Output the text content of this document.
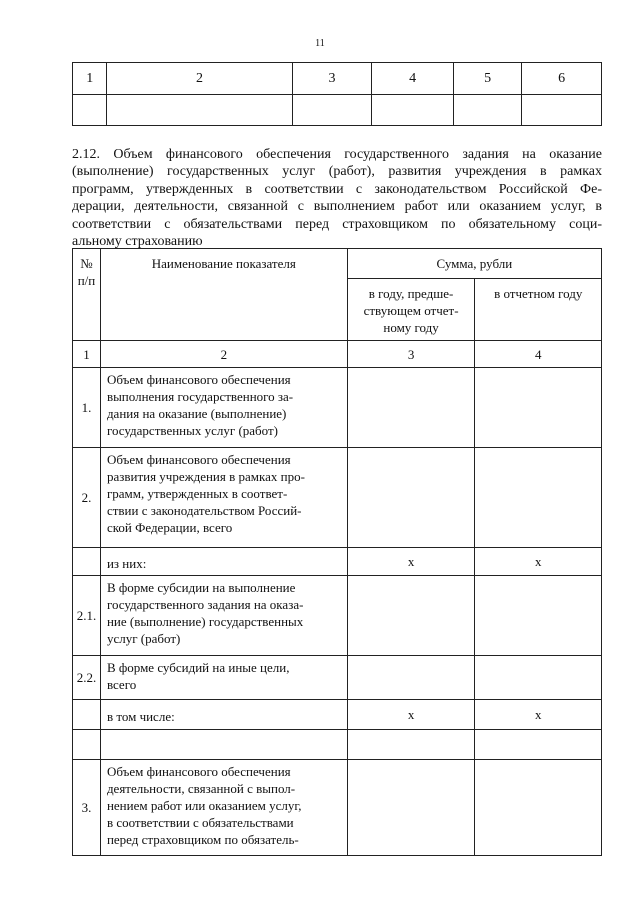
11
1	2	3	4	5	6

2.12. Объем финансового обеспечения государственного задания на оказание
(выполнение) государственных услуг (работ), развития учреждения в рамках
программ, утвержденных в соответствии с законодательством Российской Фе-
дерации, деятельности, связанной с выполнением работ или оказанием услуг, в
соответствии с обязательствами перед страховщиком по обязательному соци-
альному страхованию
№
п/п	Наименование показателя	Сумма, рубли	

		в году, предше-
ствующем отчет-
ному году	в отчетном году
1	2	3	4
1.	Объем финансового обеспечения
выполнения государственного за-
дания на оказание (выполнение)
государственных услуг (работ)		

2.	Объем финансового обеспечения
развития учреждения в рамках про-
грамм, утвержденных в соответ-
ствии с законодательством Россий-
ской Федерации, всего		

	из них:	x	x
2.1.	В форме субсидии на выполнение
государственного задания на оказа-
ние (выполнение) государственных
услуг (работ)		

2.2.	В форме субсидий на иные цели,
всего		

	в том числе:	x	x

3.	Объем финансового обеспечения
деятельности, связанной с выпол-
нением работ или оказанием услуг,
в соответствии с обязательствами
перед страховщиком по обязатель-		
